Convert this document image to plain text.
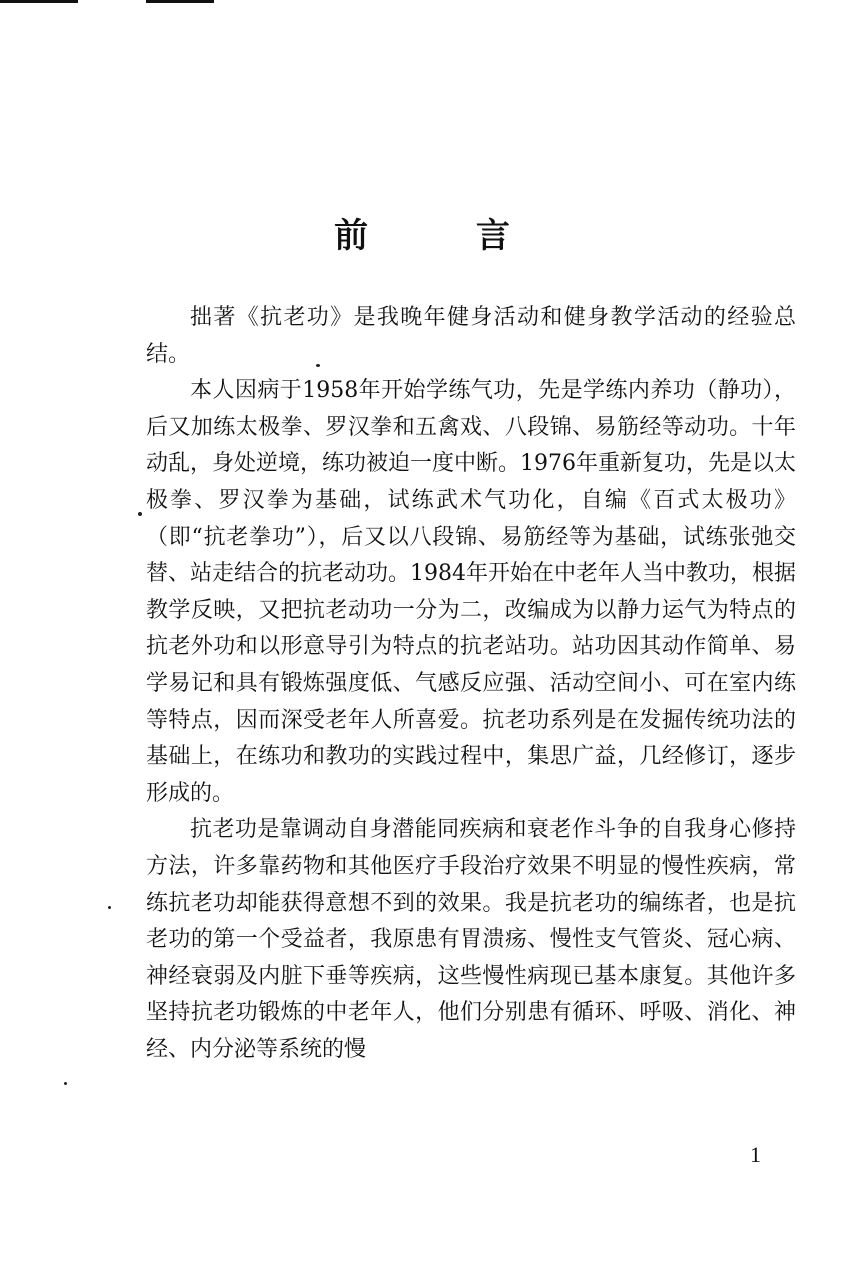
前 言

拙著《抗老功》是我晚年健身活动和健身教学活动的经验总结。

本人因病于1958年开始学练气功，先是学练内养功（静功），后又加练太极拳、罗汉拳和五禽戏、八段锦、易筋经等动功。十年动乱，身处逆境，练功被迫一度中断。1976年重新复功，先是以太极拳、罗汉拳为基础，试练武术气功化，自编《百式太极功》（即“抗老拳功”），后又以八段锦、易筋经等为基础，试练张弛交替、站走结合的抗老动功。1984年开始在中老年人当中教功，根据教学反映，又把抗老动功一分为二，改编成为以静力运气为特点的抗老外功和以形意导引为特点的抗老站功。站功因其动作简单、易学易记和具有锻炼强度低、气感反应强、活动空间小、可在室内练等特点，因而深受老年人所喜爱。抗老功系列是在发掘传统功法的基础上，在练功和教功的实践过程中，集思广益，几经修订，逐步形成的。

抗老功是靠调动自身潜能同疾病和衰老作斗争的自我身心修持方法，许多靠药物和其他医疗手段治疗效果不明显的慢性疾病，常练抗老功却能获得意想不到的效果。我是抗老功的编练者，也是抗老功的第一个受益者，我原患有胃溃疡、慢性支气管炎、冠心病、神经衰弱及内脏下垂等疾病，这些慢性病现已基本康复。其他许多坚持抗老功锻炼的中老年人，他们分别患有循环、呼吸、消化、神经、内分泌等系统的慢

1
